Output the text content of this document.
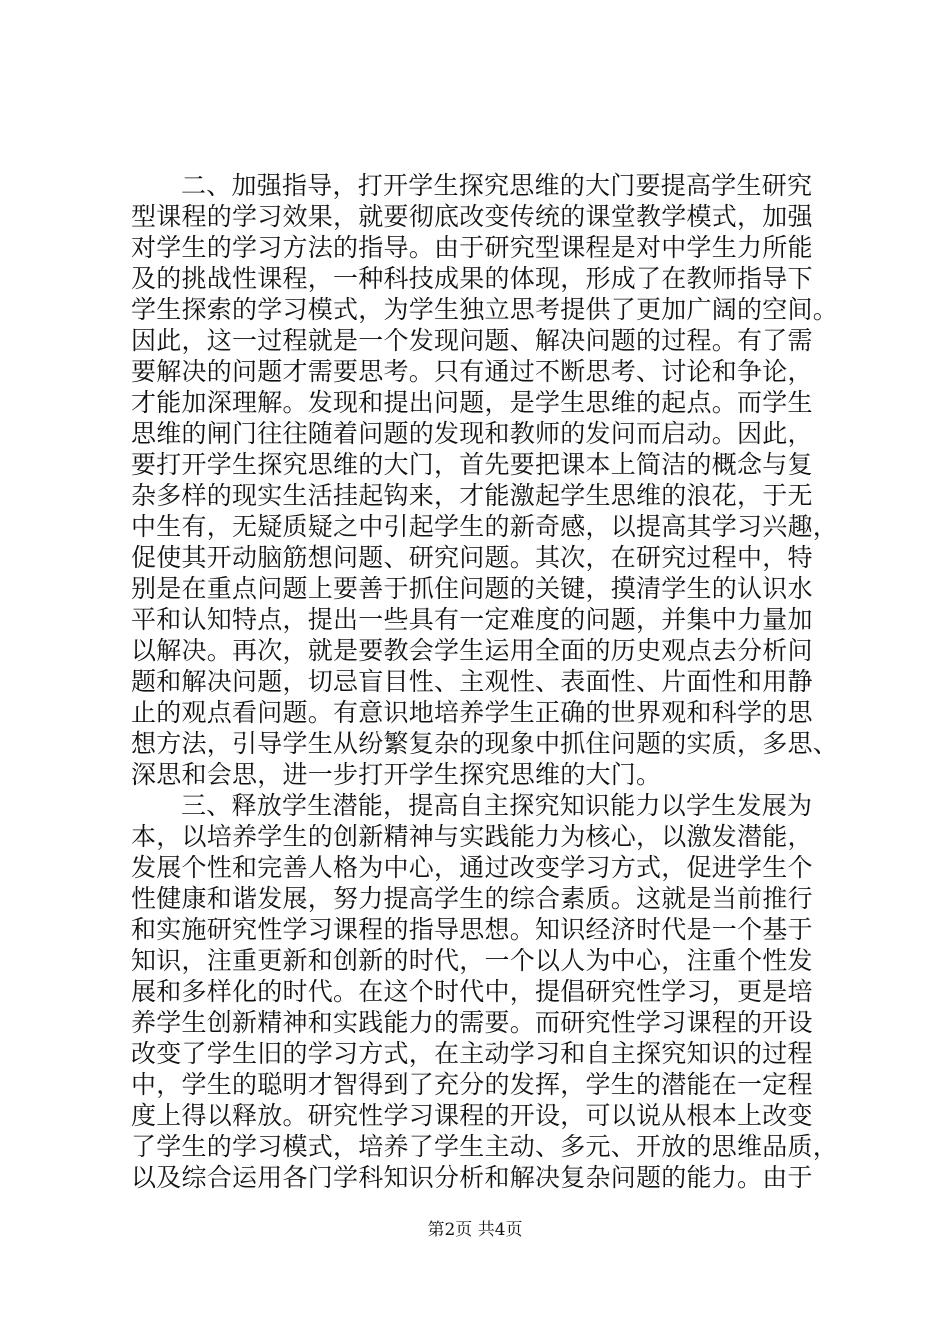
二、加强指导，打开学生探究思维的大门要提高学生研究
型课程的学习效果，就要彻底改变传统的课堂教学模式，加强
对学生的学习方法的指导。由于研究型课程是对中学生力所能
及的挑战性课程，一种科技成果的体现，形成了在教师指导下
学生探索的学习模式，为学生独立思考提供了更加广阔的空间。
因此，这一过程就是一个发现问题、解决问题的过程。有了需
要解决的问题才需要思考。只有通过不断思考、讨论和争论，
才能加深理解。发现和提出问题，是学生思维的起点。而学生
思维的闸门往往随着问题的发现和教师的发问而启动。因此，
要打开学生探究思维的大门，首先要把课本上简洁的概念与复
杂多样的现实生活挂起钩来，才能激起学生思维的浪花，于无
中生有，无疑质疑之中引起学生的新奇感，以提高其学习兴趣，
促使其开动脑筋想问题、研究问题。其次，在研究过程中，特
别是在重点问题上要善于抓住问题的关键，摸清学生的认识水
平和认知特点，提出一些具有一定难度的问题，并集中力量加
以解决。再次，就是要教会学生运用全面的历史观点去分析问
题和解决问题，切忌盲目性、主观性、表面性、片面性和用静
止的观点看问题。有意识地培养学生正确的世界观和科学的思
想方法，引导学生从纷繁复杂的现象中抓住问题的实质，多思、
深思和会思，进一步打开学生探究思维的大门。
三、释放学生潜能，提高自主探究知识能力以学生发展为
本，以培养学生的创新精神与实践能力为核心，以激发潜能，
发展个性和完善人格为中心，通过改变学习方式，促进学生个
性健康和谐发展，努力提高学生的综合素质。这就是当前推行
和实施研究性学习课程的指导思想。知识经济时代是一个基于
知识，注重更新和创新的时代，一个以人为中心，注重个性发
展和多样化的时代。在这个时代中，提倡研究性学习，更是培
养学生创新精神和实践能力的需要。而研究性学习课程的开设
改变了学生旧的学习方式，在主动学习和自主探究知识的过程
中，学生的聪明才智得到了充分的发挥，学生的潜能在一定程
度上得以释放。研究性学习课程的开设，可以说从根本上改变
了学生的学习模式，培养了学生主动、多元、开放的思维品质，
以及综合运用各门学科知识分析和解决复杂问题的能力。由于
第2页 共4页
